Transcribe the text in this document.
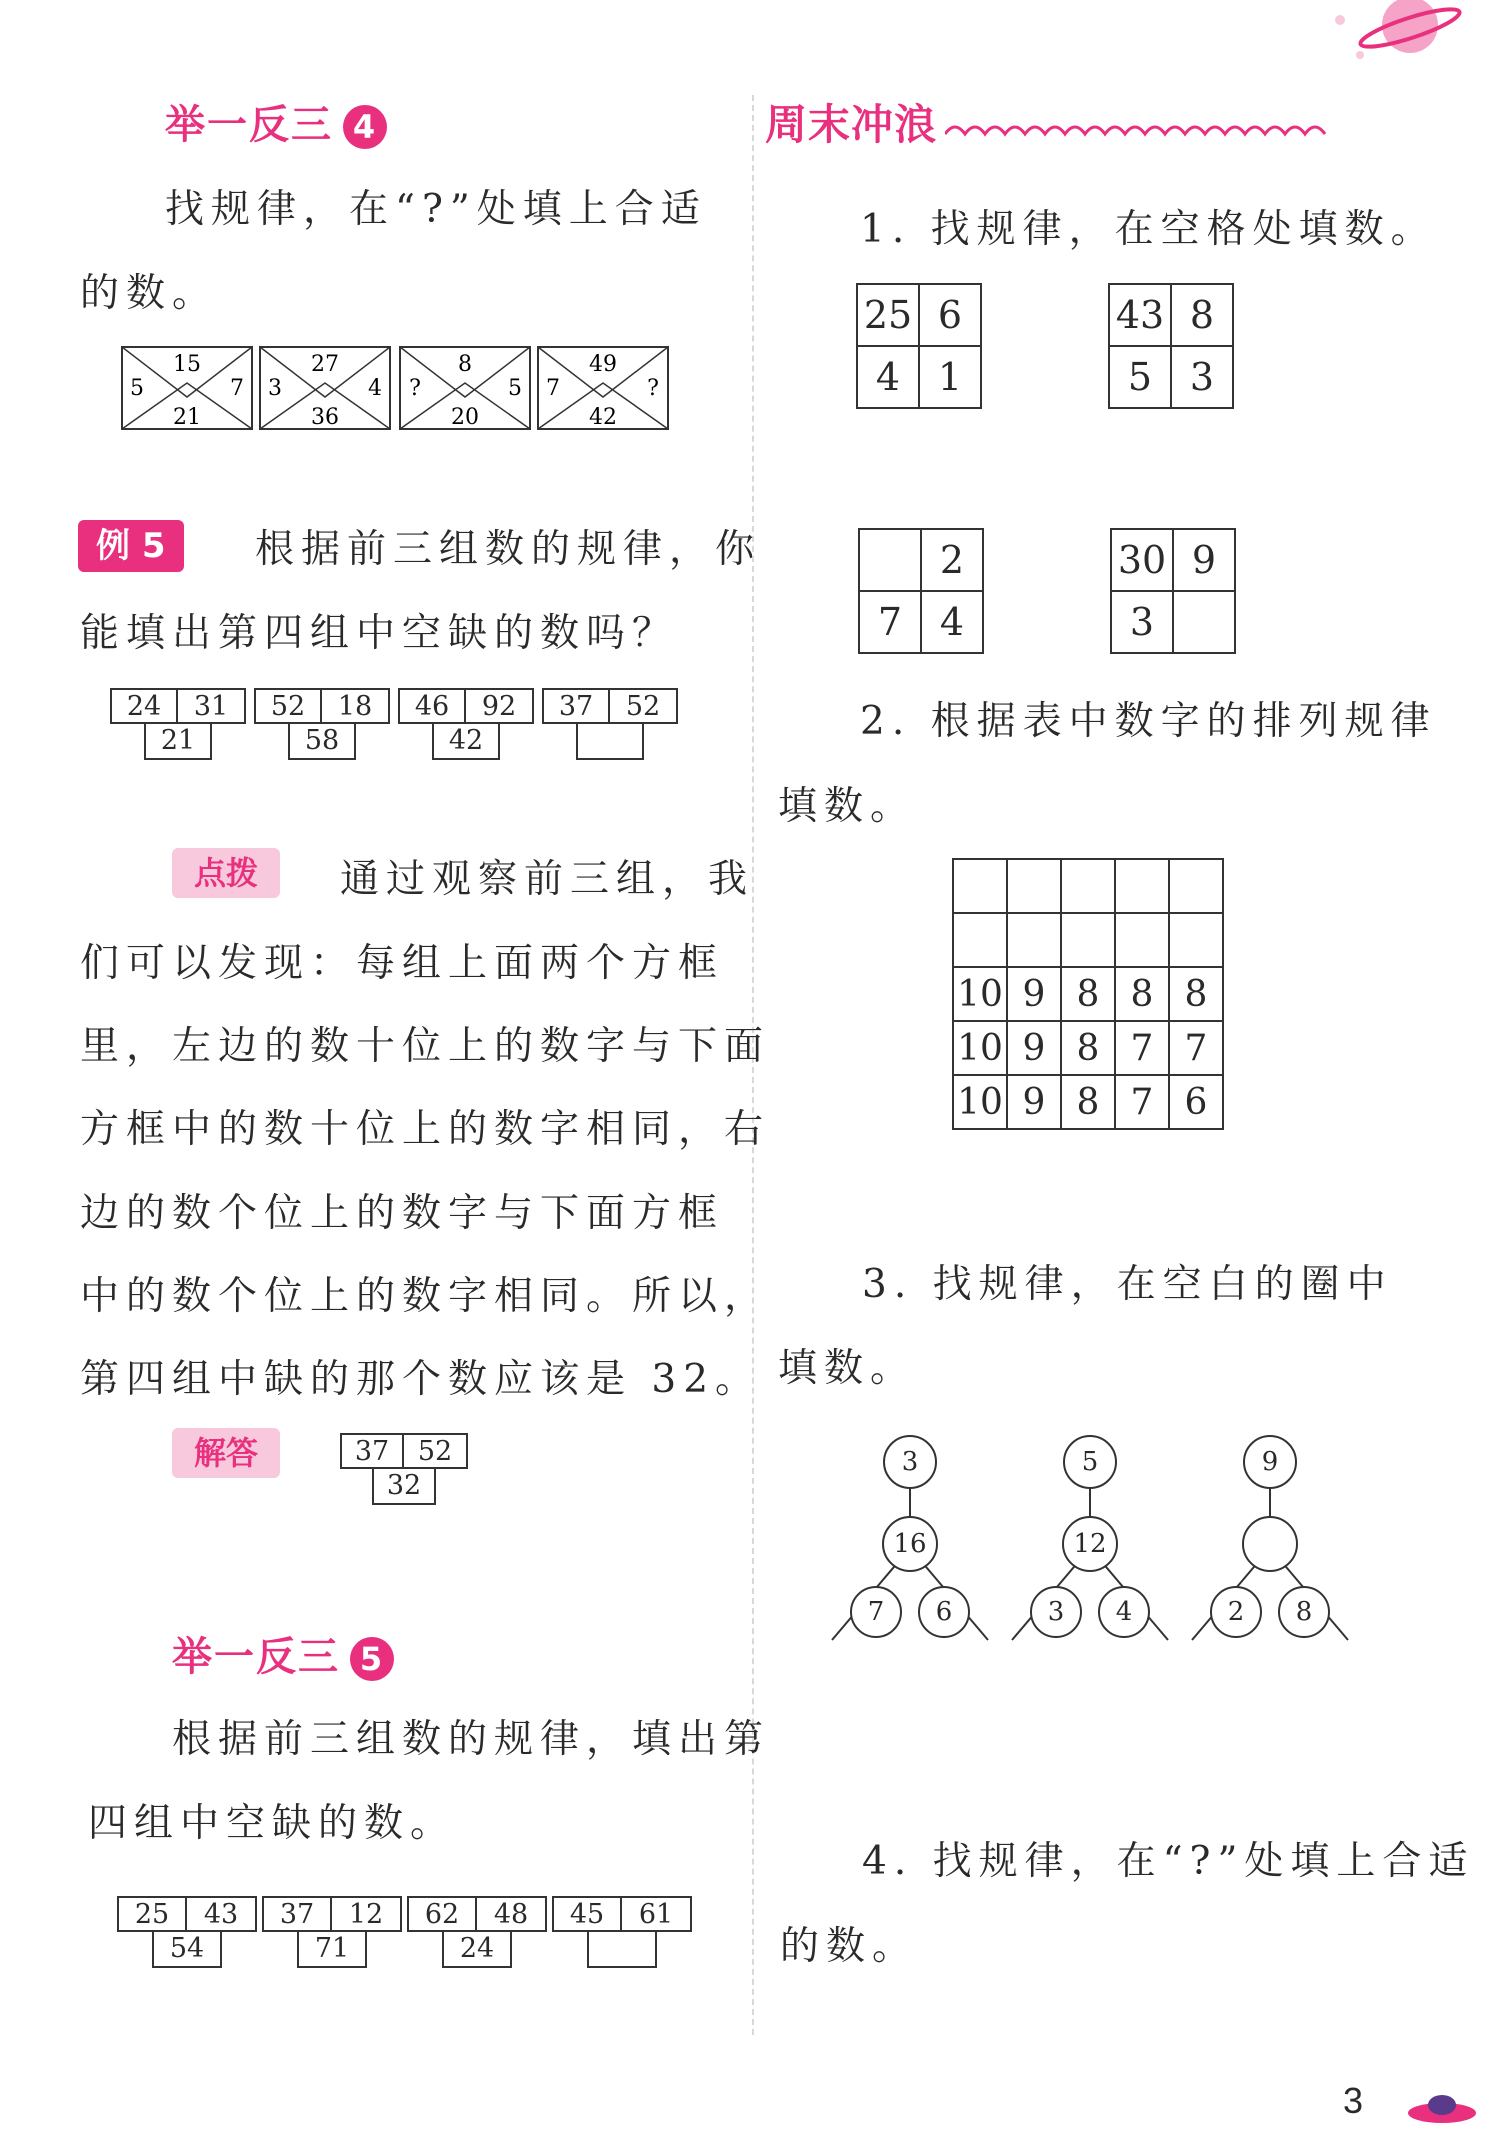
举一反三 4
找规律，在“?”处填上合适
的数。
15
5	7
21
27
3	4
36
8
?	5
20
49
7	?
42
例 5	根据前三组数的规律，你
能填出第四组中空缺的数吗？
24	31
21
52	18
58
46	92
42
37	52
点拨	通过观察前三组，我
们可以发现：每组上面两个方框
里，左边的数十位上的数字与下面
方框中的数十位上的数字相同，右
边的数个位上的数字与下面方框
中的数个位上的数字相同。所以，
第四组中缺的那个数应该是 32。
解答	37	52
32
举一反三 5
根据前三组数的规律，填出第
四组中空缺的数。
25	43
54
37	12
71
62	48
24
45	61
周末冲浪
1. 找规律，在空格处填数。
25	6
4	1
43	8
5	3
	2
7	4
30	9
3	
2. 根据表中数字的排列规律
填数。

10	9	8	8	8
10	9	8	7	7
10	9	8	7	6
3. 找规律，在空白的圈中
填数。
3
16
7	6
5
12
3	4
9
2	8
4. 找规律，在“?”处填上合适
的数。
3
